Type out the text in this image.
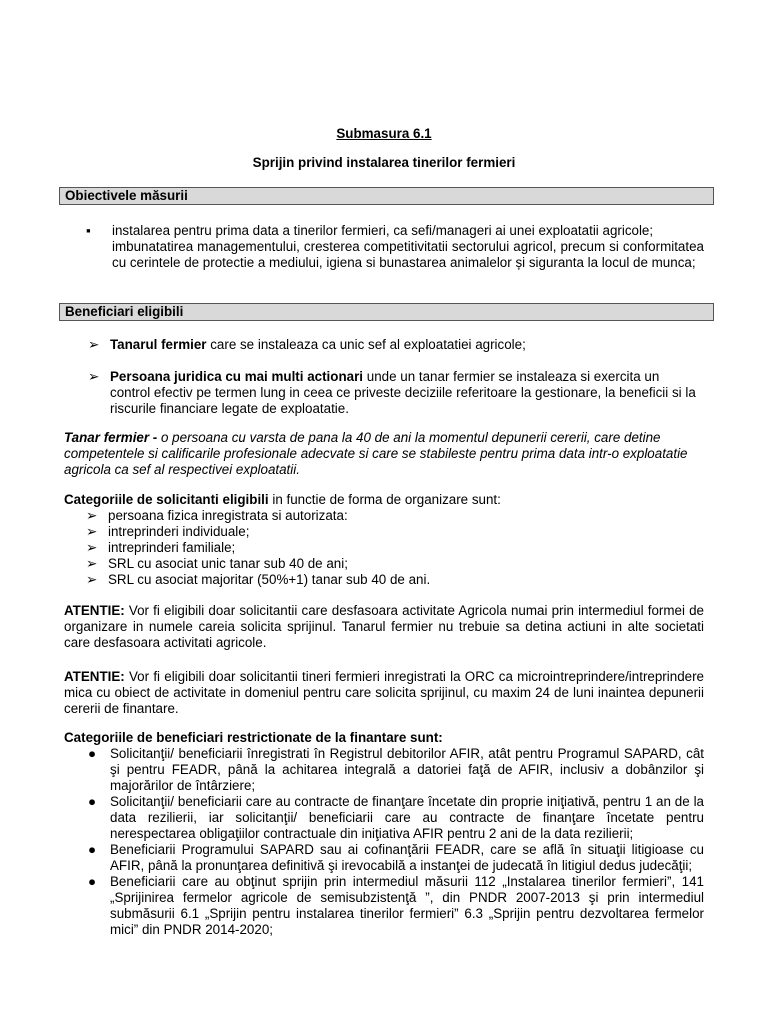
Submasura 6.1
Sprijin privind instalarea tinerilor fermieri
Obiectivele măsurii
▪ instalarea pentru prima data a tinerilor fermieri, ca sefi/manageri ai unei exploatatii agricole;
imbunatatirea managementului, cresterea competitivitatii sectorului agricol, precum si conformitatea cu cerintele de protectie a mediului, igiena si bunastarea animalelor și siguranta la locul de munca;
Beneficiari eligibili
➢ Tanarul fermier care se instaleaza ca unic sef al exploatatiei agricole;
➢ Persoana juridica cu mai multi actionari unde un tanar fermier se instaleaza si exercita un control efectiv pe termen lung in ceea ce priveste deciziile referitoare la gestionare, la beneficii si la riscurile financiare legate de exploatatie.
Tanar fermier - o persoana cu varsta de pana la 40 de ani la momentul depunerii cererii, care detine competentele si calificarile profesionale adecvate si care se stabileste pentru prima data intr-o exploatatie agricola ca sef al respectivei exploatatii.

Categoriile de solicitanti eligibili in functie de forma de organizare sunt:

➢ persoana fizica inregistrata si autorizata:
➢ intreprinderi individuale;
➢ intreprinderi familiale;
➢ SRL cu asociat unic tanar sub 40 de ani;
➢ SRL cu asociat majoritar (50%+1) tanar sub 40 de ani.
ATENTIE: Vor fi eligibili doar solicitantii care desfasoara activitate Agricola numai prin intermediul formei de organizare in numele careia solicita sprijinul. Tanarul fermier nu trebuie sa detina actiuni in alte societati care desfasoara activitati agricole.
ATENTIE: Vor fi eligibili doar solicitantii tineri fermieri inregistrati la ORC ca microintreprindere/intreprindere mica cu obiect de activitate in domeniul pentru care solicita sprijinul, cu maxim 24 de luni inaintea depunerii cererii de finantare.

Categoriile de beneficiari restrictionate de la finantare sunt:

● Solicitanţii/ beneficiarii înregistrati în Registrul debitorilor AFIR, atât pentru Programul SAPARD, cât şi pentru FEADR, până la achitarea integrală a datoriei faţă de AFIR, inclusiv a dobânzilor şi majorărilor de întârziere;
● Solicitanţii/ beneficiarii care au contracte de finanţare încetate din proprie iniţiativă, pentru 1 an de la data rezilierii, iar solicitanţii/ beneficiarii care au contracte de finanţare încetate pentru nerespectarea obligaţiilor contractuale din iniţiativa AFIR pentru 2 ani de la data rezilierii;
● Beneficiarii Programului SAPARD sau ai cofinanţării FEADR, care se află în situaţii litigioase cu AFIR, până la pronunţarea definitivă şi irevocabilă a instanţei de judecată în litigiul dedus judecăţii;
● Beneficiarii care au obţinut sprijin prin intermediul măsurii 112 „Instalarea tinerilor fermieri”, 141 „Sprijinirea fermelor agricole de semisubzistenţă ”, din PNDR 2007-2013 şi prin intermediul submăsurii 6.1 „Sprijin pentru instalarea tinerilor fermieri” 6.3 „Sprijin pentru dezvoltarea fermelor mici” din PNDR 2014-2020;
